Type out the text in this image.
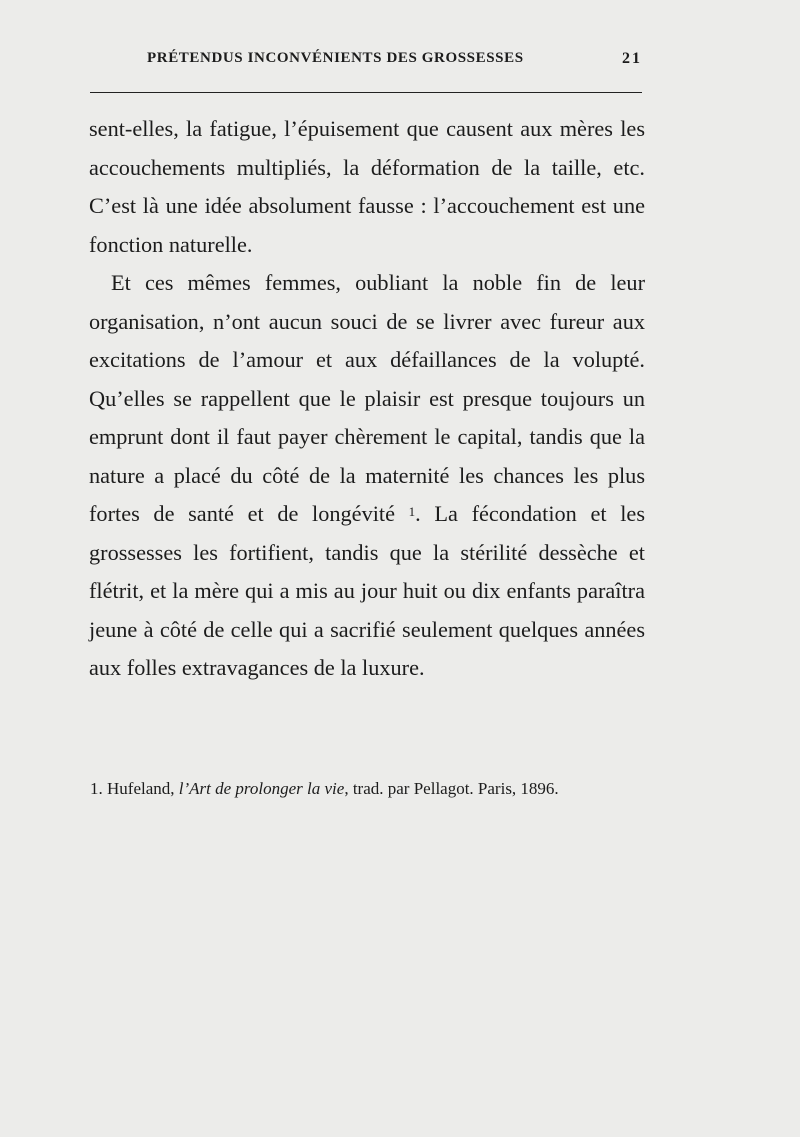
PRÉTENDUS INCONVÉNIENTS DES GROSSESSES	21

sent-elles, la fatigue, l’épuisement que causent aux mères les accouchements multipliés, la déformation de la taille, etc. C’est là une idée absolument fausse : l’accouchement est une fonction naturelle.

Et ces mêmes femmes, oubliant la noble fin de leur organisation, n’ont aucun souci de se livrer avec fureur aux excitations de l’amour et aux défaillances de la volupté. Qu’elles se rappellent que le plaisir est presque toujours un emprunt dont il faut payer chèrement le capital, tandis que la nature a placé du côté de la maternité les chances les plus fortes de santé et de longévité $^1$. La fécondation et les grossesses les fortifient, tandis que la stérilité dessèche et flétrit, et la mère qui a mis au jour huit ou dix enfants paraîtra jeune à côté de celle qui a sacrifié seulement quelques années aux folles extravagances de la luxure.

1. Hufeland, l’Art de prolonger la vie, trad. par Pellagot. Paris, 1896.
